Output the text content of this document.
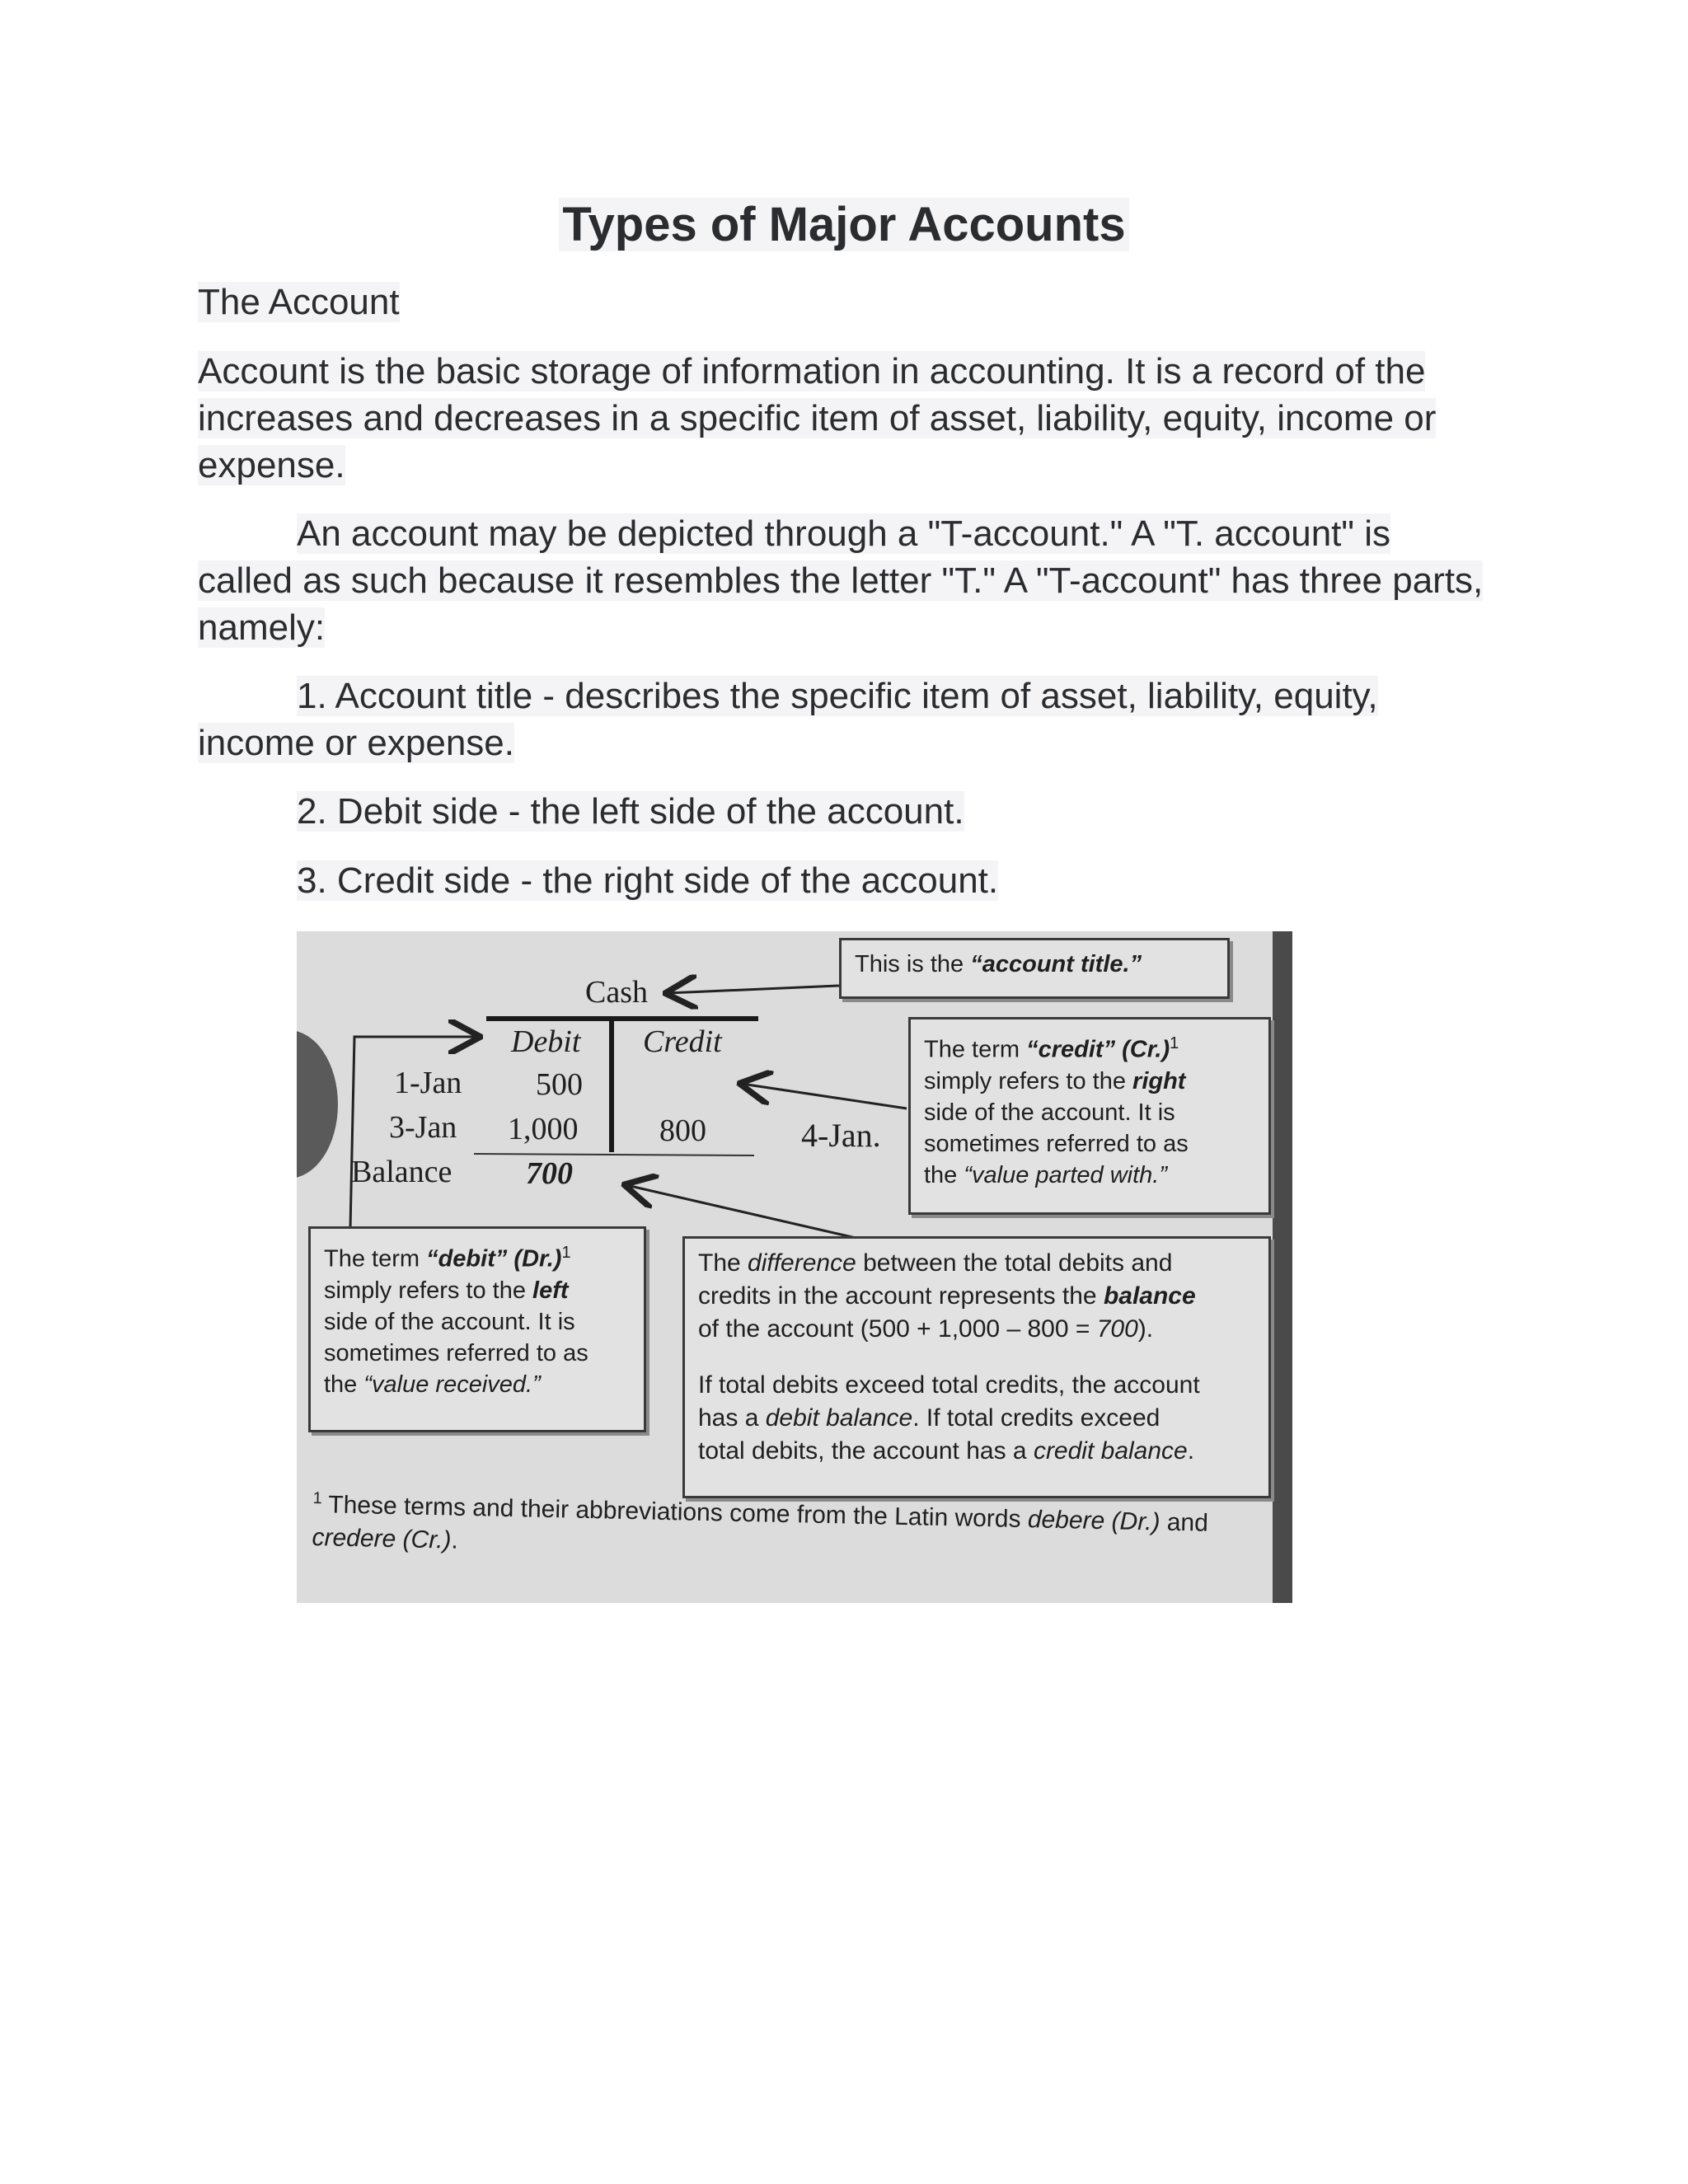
Types of Major Accounts
The Account
Account is the basic storage of information in accounting. It is a record of the increases and decreases in a specific item of asset, liability, equity, income or expense.
An account may be depicted through a "T-account." A "T. account" is called as such because it resembles the letter "T." A "T-account" has three parts, namely:
1. Account title - describes the specific item of asset, liability, equity, income or expense.
2. Debit side - the left side of the account.
3. Credit side - the right side of the account.
Cash
Debit Credit
1-Jan 500
3-Jan 1,000	800	4-Jan.
Balance 700
This is the “account title.”
The term “credit” $(Cr.)^1$
simply refers to the right
side of the account. It is
sometimes referred to as
the “value parted with.”
The term “debit” $(Dr.)^1$
simply refers to the left
side of the account. It is
sometimes referred to as
the “value received.”
The difference between the total debits and
credits in the account represents the balance
of the account (500 + 1,000 – 800 = 700).
If total debits exceed total credits, the account
has a debit balance. If total credits exceed
total debits, the account has a credit balance.
$^1$ These terms and their abbreviations come from the Latin words debere (Dr.) and
credere (Cr.).
